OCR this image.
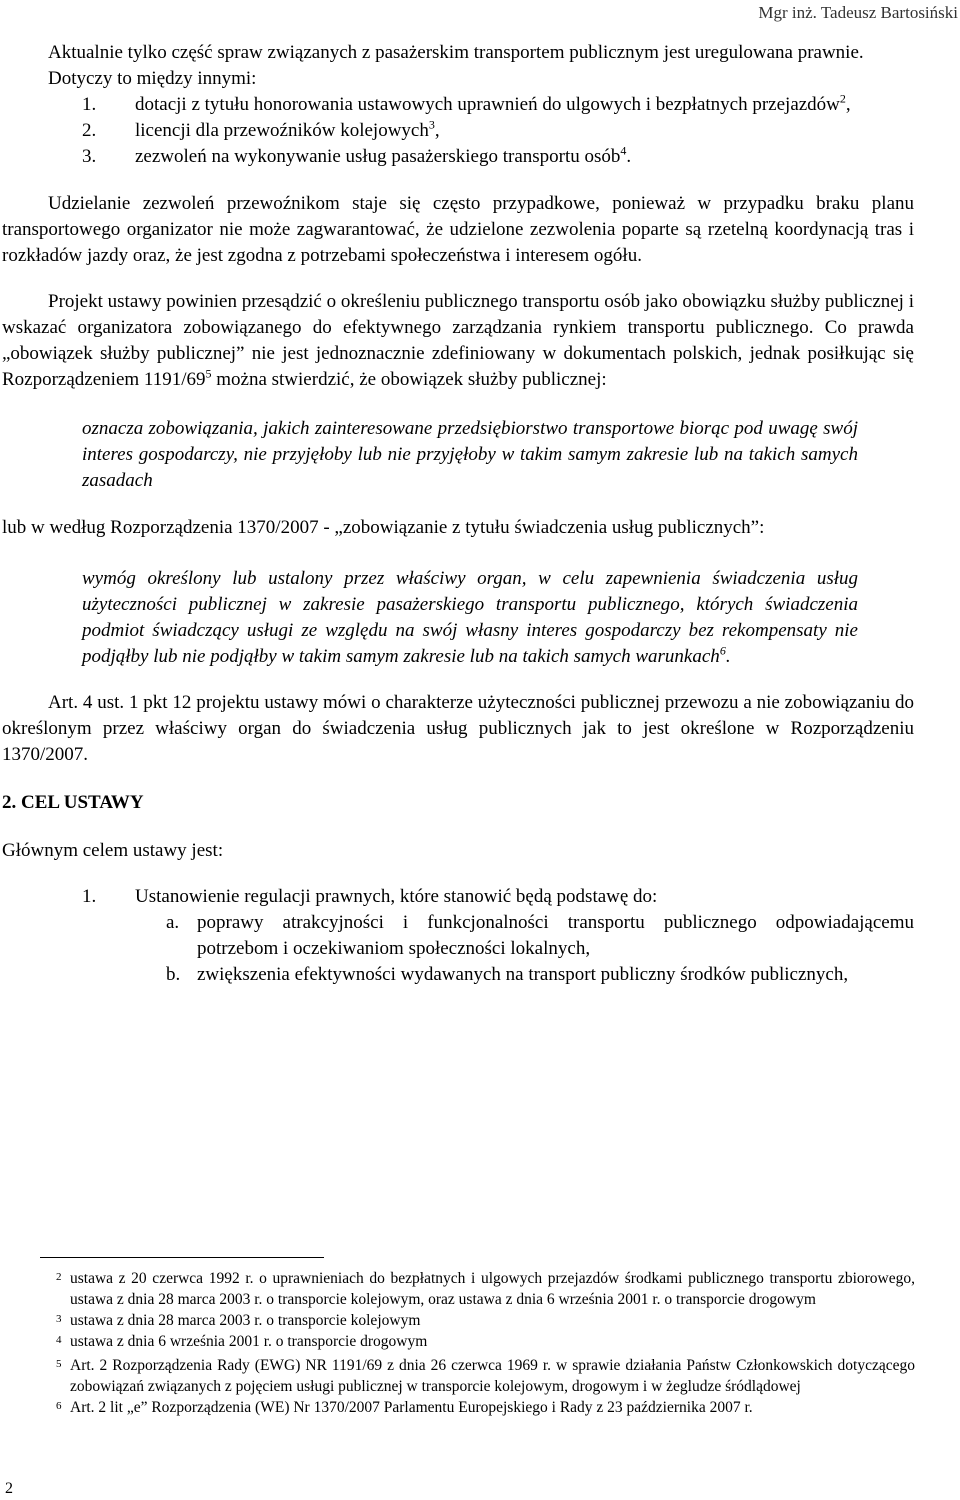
Mgr inż. Tadeusz Bartosiński

Aktualnie tylko część spraw związanych z pasażerskim transportem publicznym jest uregulowana prawnie.

Dotyczy to między innymi:

1. dotacji z tytułu honorowania ustawowych uprawnień do ulgowych i bezpłatnych przejazdów$^2$,
2. licencji dla przewoźników kolejowych$^3$,
3. zezwoleń na wykonywanie usług pasażerskiego transportu osób$^4$.

Udzielanie zezwoleń przewoźnikom staje się często przypadkowe, ponieważ w przypadku braku planu transportowego organizator nie może zagwarantować, że udzielone zezwolenia poparte są rzetelną koordynacją tras i rozkładów jazdy oraz, że jest zgodna z potrzebami społeczeństwa i interesem ogółu.

Projekt ustawy powinien przesądzić o określeniu publicznego transportu osób jako obowiązku służby publicznej i wskazać organizatora zobowiązanego do efektywnego zarządzania rynkiem transportu publicznego. Co prawda „obowiązek służby publicznej” nie jest jednoznacznie zdefiniowany w dokumentach polskich, jednak posiłkując się Rozporządzeniem $1191/69^5$ można stwierdzić, że obowiązek służby publicznej:

oznacza zobowiązania, jakich zainteresowane przedsiębiorstwo transportowe biorąc pod uwagę swój interes gospodarczy, nie przyjęłoby lub nie przyjęłoby w takim samym zakresie lub na takich samych zasadach

lub w według Rozporządzenia 1370/2007 - „zobowiązanie z tytułu świadczenia usług publicznych”:

wymóg określony lub ustalony przez właściwy organ, w celu zapewnienia świadczenia usług użyteczności publicznej w zakresie pasażerskiego transportu publicznego, których świadczenia podmiot świadczący usługi ze względu na swój własny interes gospodarczy bez rekompensaty nie podjąłby lub nie podjąłby w takim samym zakresie lub na takich samych warunkach$^6$.

Art. 4 ust. 1 pkt 12 projektu ustawy mówi o charakterze użyteczności publicznej przewozu a nie zobowiązaniu do określonym przez właściwy organ do świadczenia usług publicznych jak to jest określone w Rozporządzeniu 1370/2007.

2. CEL USTAWY

Głównym celem ustawy jest:

1. Ustanowienie regulacji prawnych, które stanowić będą podstawę do:
a. poprawy atrakcyjności i funkcjonalności transportu publicznego odpowiadającemu potrzebom i oczekiwaniom społeczności lokalnych,
b. zwiększenia efektywności wydawanych na transport publiczny środków publicznych,
2 ustawa z 20 czerwca 1992 r. o uprawnieniach do bezpłatnych i ulgowych przejazdów środkami publicznego transportu zbiorowego, ustawa z dnia 28 marca 2003 r. o transporcie kolejowym, oraz ustawa z dnia 6 września 2001 r. o transporcie drogowym
3 ustawa z dnia 28 marca 2003 r. o transporcie kolejowym
4 ustawa z dnia 6 września 2001 r. o transporcie drogowym
5 Art. 2 Rozporządzenia Rady (EWG) NR 1191/69 z dnia 26 czerwca 1969 r. w sprawie działania Państw Członkowskich dotyczącego zobowiązań związanych z pojęciem usługi publicznej w transporcie kolejowym, drogowym i w żegludze śródlądowej
6 Art. 2 lit „e” Rozporządzenia (WE) Nr 1370/2007 Parlamentu Europejskiego i Rady z 23 października 2007 r.
2
